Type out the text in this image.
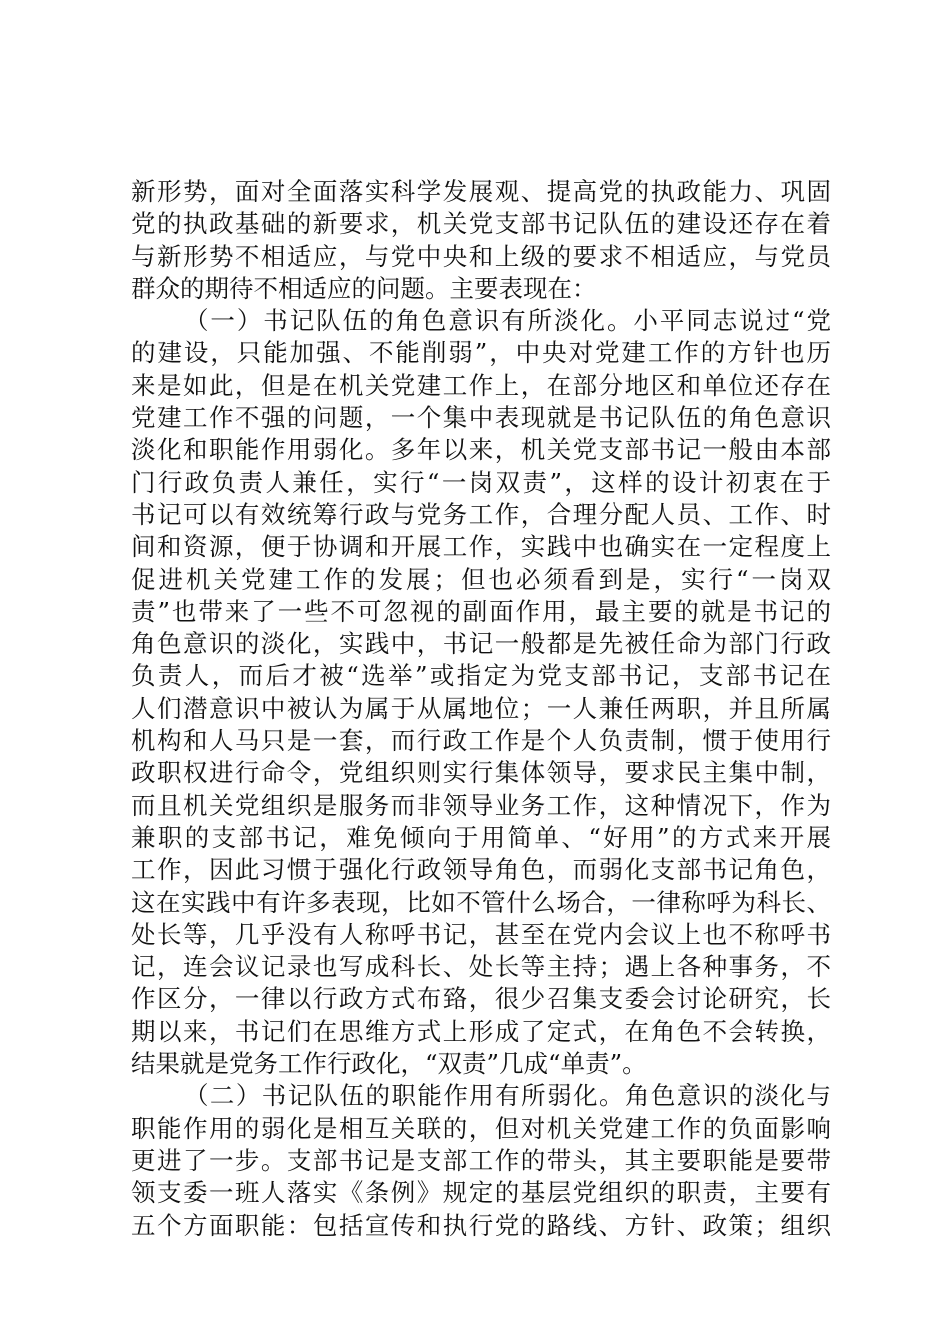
新形势，面对全面落实科学发展观、提高党的执政能力、巩固
党的执政基础的新要求，机关党支部书记队伍的建设还存在着
与新形势不相适应，与党中央和上级的要求不相适应，与党员
群众的期待不相适应的问题。主要表现在：
（一）书记队伍的角色意识有所淡化。小平同志说过“党
的建设，只能加强、不能削弱”，中央对党建工作的方针也历
来是如此，但是在机关党建工作上，在部分地区和单位还存在
党建工作不强的问题，一个集中表现就是书记队伍的角色意识
淡化和职能作用弱化。多年以来，机关党支部书记一般由本部
门行政负责人兼任，实行“一岗双责”，这样的设计初衷在于
书记可以有效统筹行政与党务工作，合理分配人员、工作、时
间和资源，便于协调和开展工作，实践中也确实在一定程度上
促进机关党建工作的发展；但也必须看到是，实行“一岗双
责”也带来了一些不可忽视的副面作用，最主要的就是书记的
角色意识的淡化，实践中，书记一般都是先被任命为部门行政
负责人，而后才被“选举”或指定为党支部书记，支部书记在
人们潜意识中被认为属于从属地位；一人兼任两职，并且所属
机构和人马只是一套，而行政工作是个人负责制，惯于使用行
政职权进行命令，党组织则实行集体领导，要求民主集中制，
而且机关党组织是服务而非领导业务工作，这种情况下，作为
兼职的支部书记，难免倾向于用简单、“好用”的方式来开展
工作，因此习惯于强化行政领导角色，而弱化支部书记角色，
这在实践中有许多表现，比如不管什么场合，一律称呼为科长、
处长等，几乎没有人称呼书记，甚至在党内会议上也不称呼书
记，连会议记录也写成科长、处长等主持；遇上各种事务，不
作区分，一律以行政方式布臵，很少召集支委会讨论研究，长
期以来，书记们在思维方式上形成了定式，在角色不会转换，
结果就是党务工作行政化，“双责”几成“单责”。
（二）书记队伍的职能作用有所弱化。角色意识的淡化与
职能作用的弱化是相互关联的，但对机关党建工作的负面影响
更进了一步。支部书记是支部工作的带头，其主要职能是要带
领支委一班人落实《条例》规定的基层党组织的职责，主要有
五个方面职能：包括宣传和执行党的路线、方针、政策；组织
